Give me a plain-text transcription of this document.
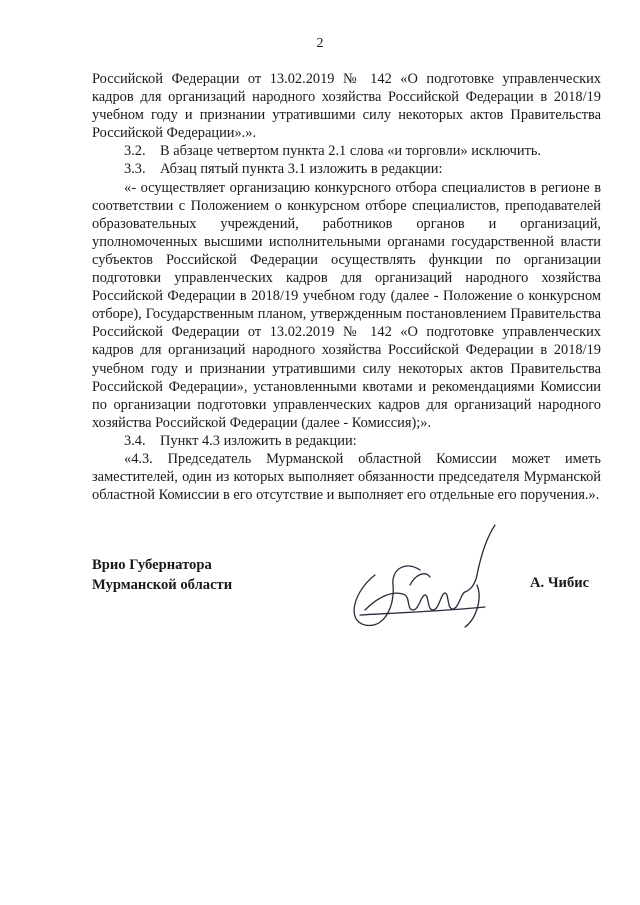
2

Российской Федерации от 13.02.2019 № 142 «О подготовке управленческих кадров для организаций народного хозяйства Российской Федерации в 2018/19 учебном году и признании утратившими силу некоторых актов Правительства Российской Федерации».».

3.2. В абзаце четвертом пункта 2.1 слова «и торговли» исключить.

3.3. Абзац пятый пункта 3.1 изложить в редакции:

«- осуществляет организацию конкурсного отбора специалистов в регионе в соответствии с Положением о конкурсном отборе специалистов, преподавателей образовательных учреждений, работников органов и организаций, уполномоченных высшими исполнительными органами государственной власти субъектов Российской Федерации осуществлять функции по организации подготовки управленческих кадров для организаций народного хозяйства Российской Федерации в 2018/19 учебном году (далее - Положение о конкурсном отборе), Государственным планом, утвержденным постановлением Правительства Российской Федерации от 13.02.2019 № 142 «О подготовке управленческих кадров для организаций народного хозяйства Российской Федерации в 2018/19 учебном году и признании утратившими силу некоторых актов Правительства Российской Федерации», установленными квотами и рекомендациями Комиссии по организации подготовки управленческих кадров для организаций народного хозяйства Российской Федерации (далее - Комиссия);».

3.4. Пункт 4.3 изложить в редакции:

«4.3. Председатель Мурманской областной Комиссии может иметь заместителей, один из которых выполняет обязанности председателя Мурманской областной Комиссии в его отсутствие и выполняет его отдельные его поручения.».

Врио Губернатора
Мурманской области	А. Чибис
